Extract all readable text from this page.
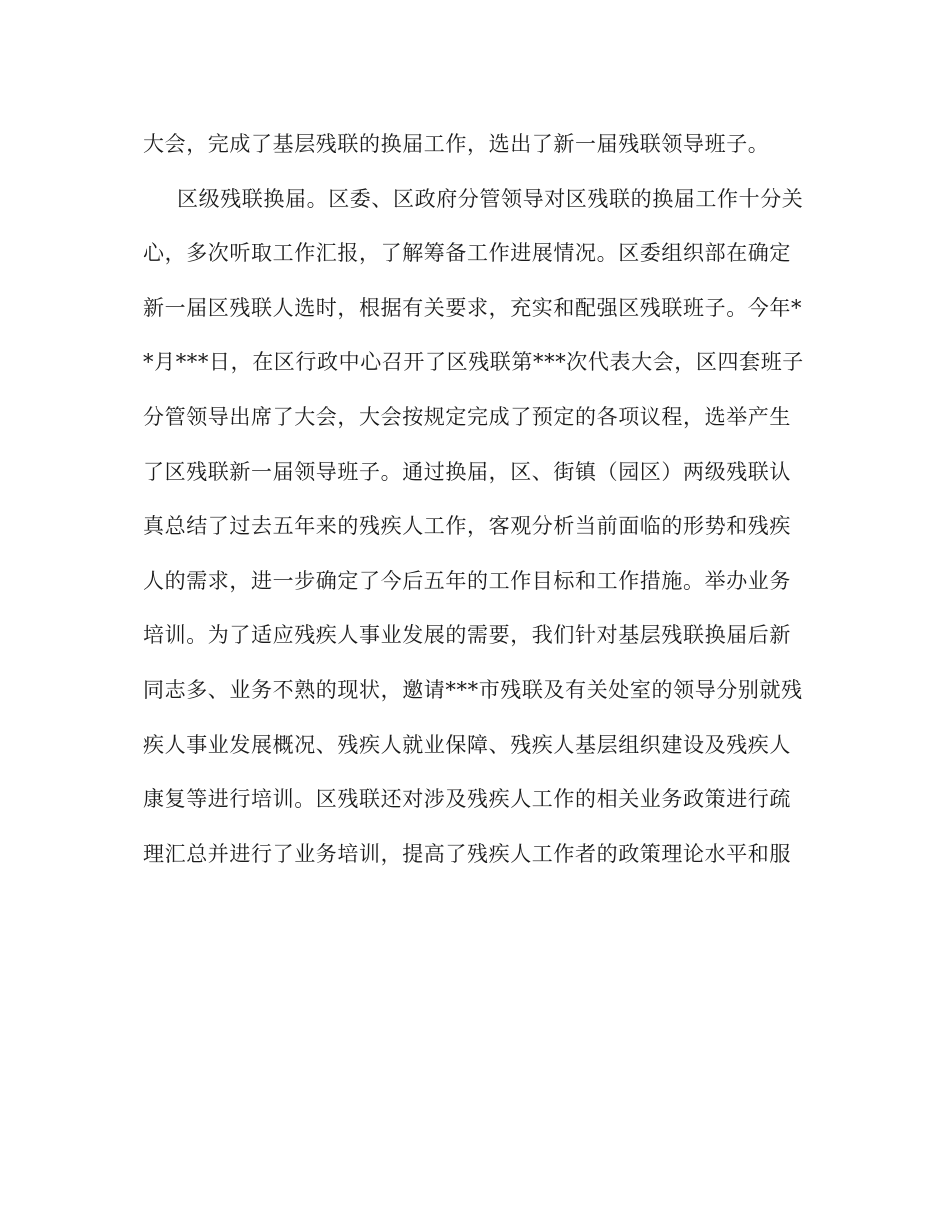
大会，完成了基层残联的换届工作，选出了新一届残联领导班子。
区级残联换届。区委、区政府分管领导对区残联的换届工作十分关
心，多次听取工作汇报，了解筹备工作进展情况。区委组织部在确定
新一届区残联人选时，根据有关要求，充实和配强区残联班子。今年*
*月***日，在区行政中心召开了区残联第***次代表大会，区四套班子
分管领导出席了大会，大会按规定完成了预定的各项议程，选举产生
了区残联新一届领导班子。通过换届，区、街镇（园区）两级残联认
真总结了过去五年来的残疾人工作，客观分析当前面临的形势和残疾
人的需求，进一步确定了今后五年的工作目标和工作措施。举办业务
培训。为了适应残疾人事业发展的需要，我们针对基层残联换届后新
同志多、业务不熟的现状，邀请***市残联及有关处室的领导分别就残
疾人事业发展概况、残疾人就业保障、残疾人基层组织建设及残疾人
康复等进行培训。区残联还对涉及残疾人工作的相关业务政策进行疏
理汇总并进行了业务培训，提高了残疾人工作者的政策理论水平和服
